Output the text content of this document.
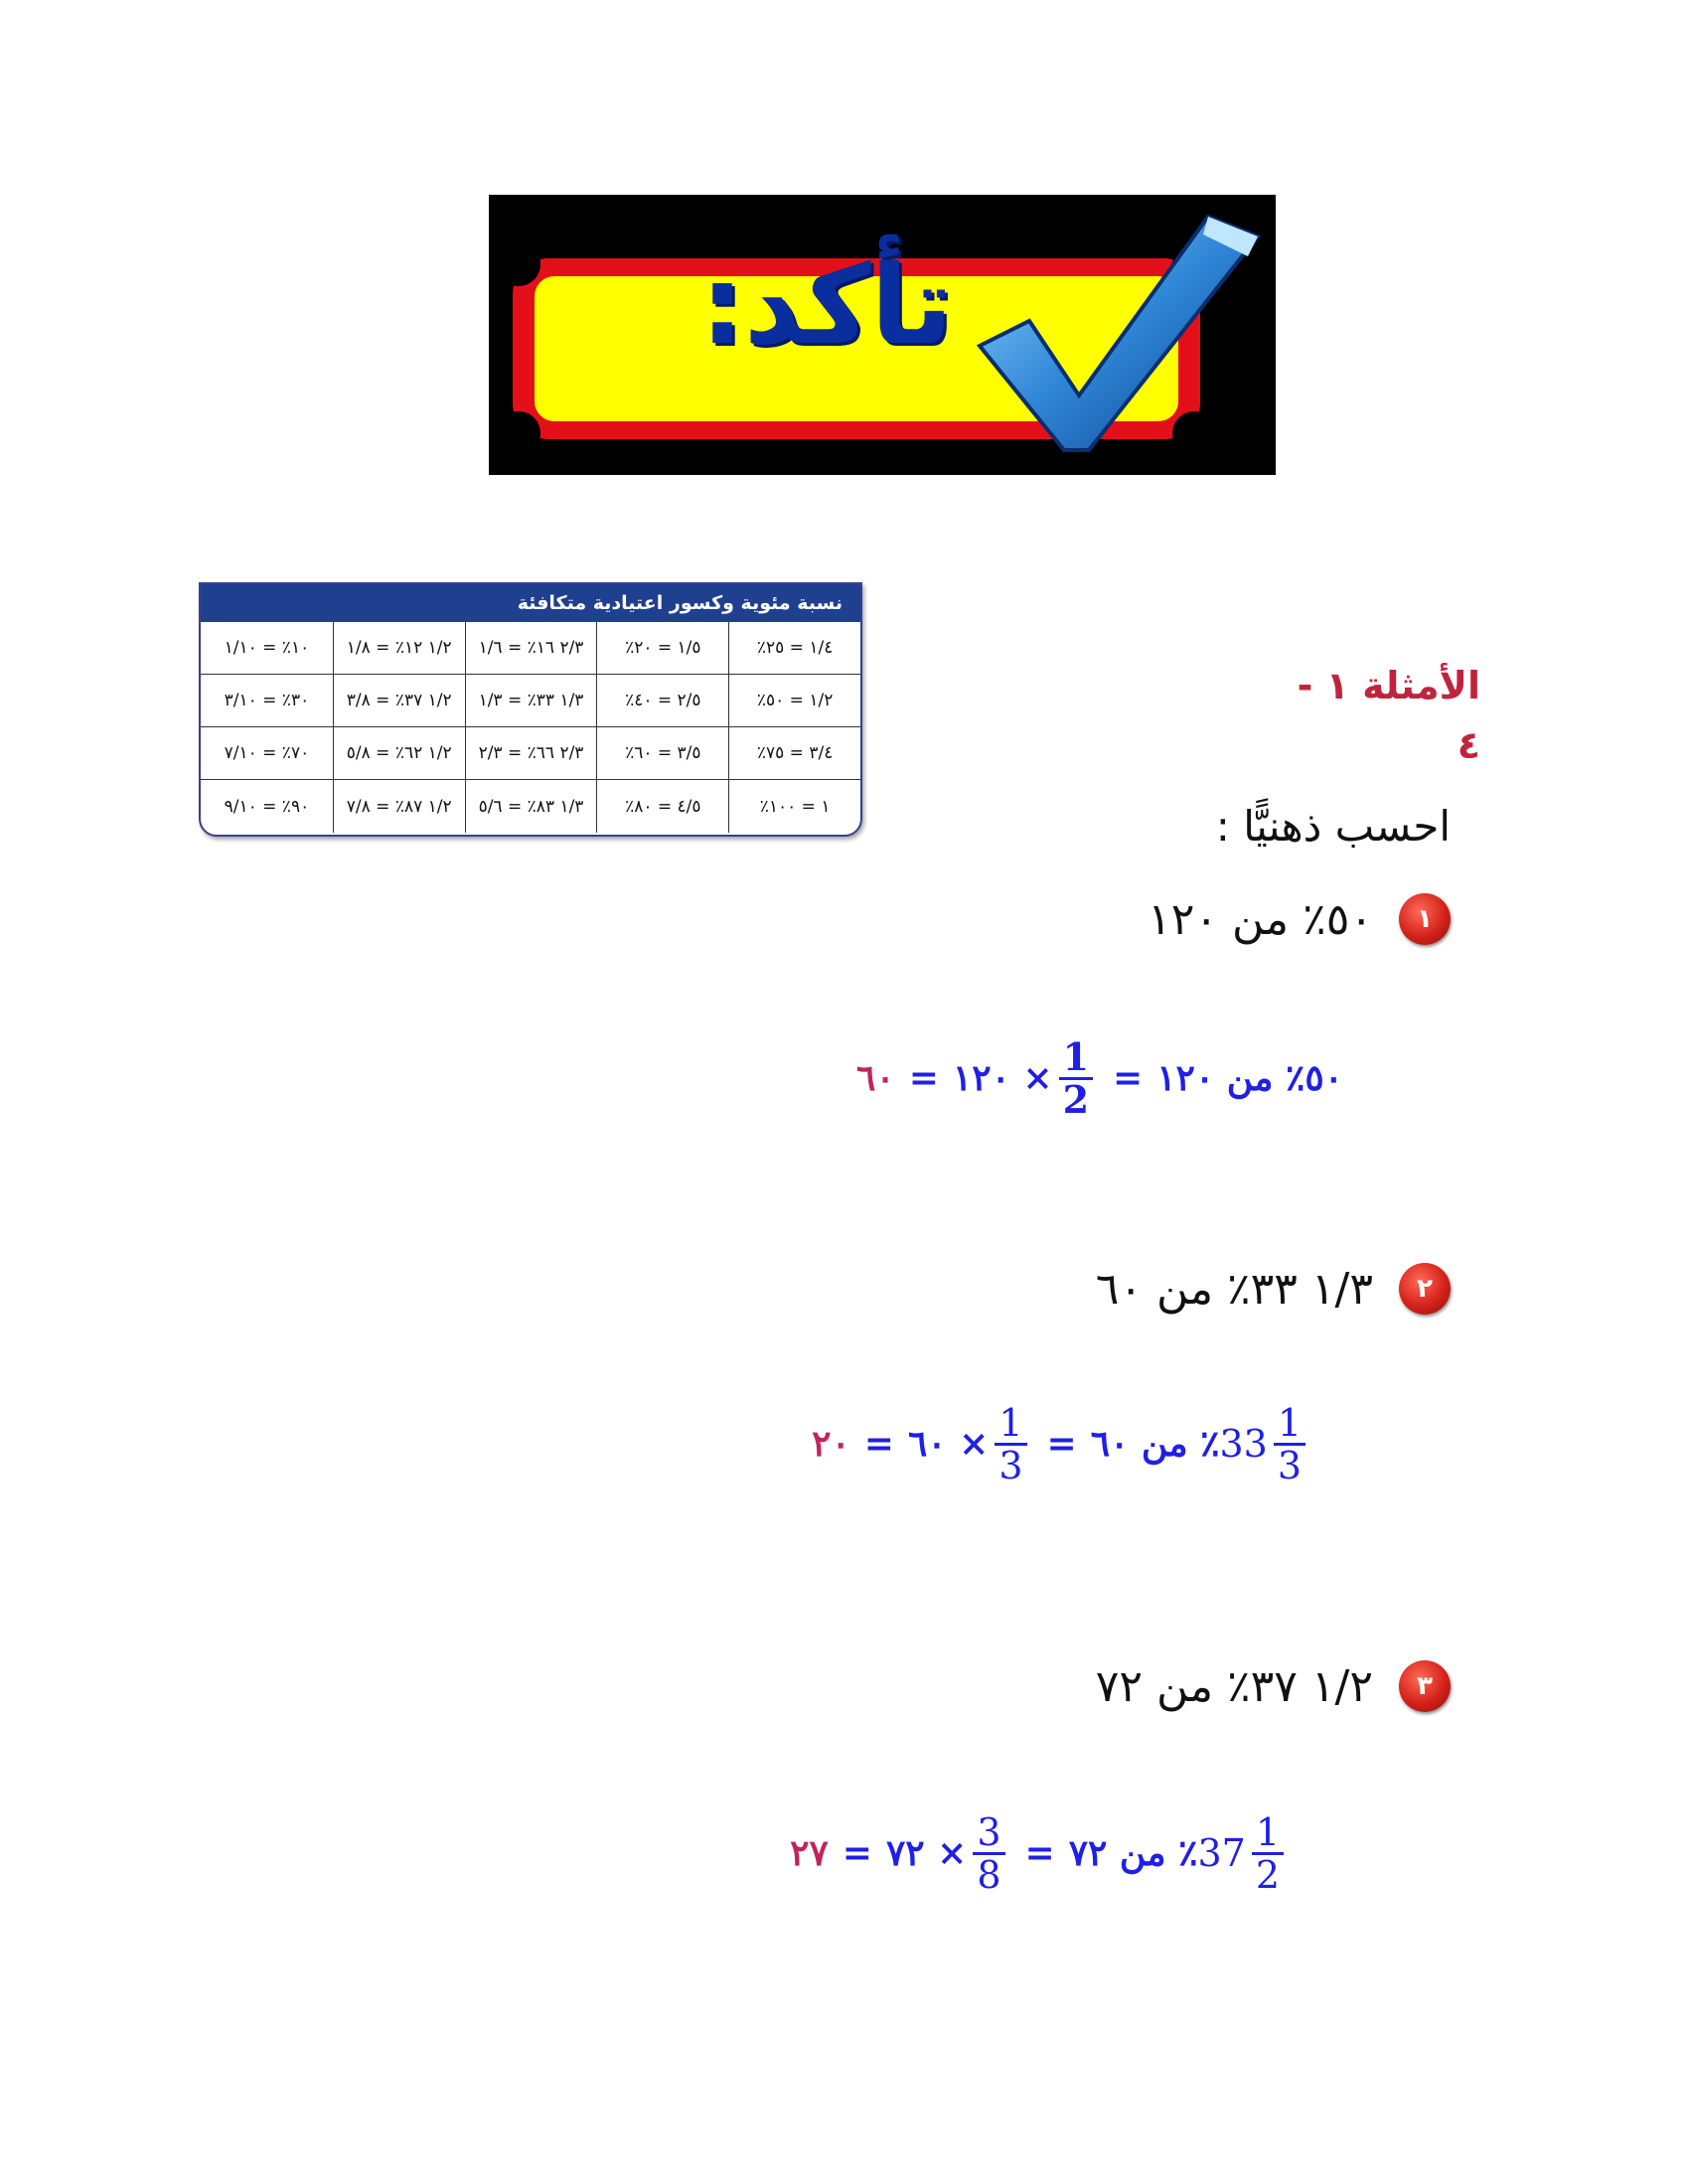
تأكد:
نسبة مئوية وكسور اعتيادية متكافئة
١/٤ = ٢٥٪
١/٥ = ٢٠٪
٢/٣ ١٦٪ = ١/٦
١/٢ ١٢٪ = ١/٨
١٠٪ = ١/١٠
١/٢ = ٥٠٪
٢/٥ = ٤٠٪
١/٣ ٣٣٪ = ١/٣
١/٢ ٣٧٪ = ٣/٨
٣٠٪ = ٣/١٠
٣/٤ = ٧٥٪
٣/٥ = ٦٠٪
٢/٣ ٦٦٪ = ٢/٣
١/٢ ٦٢٪ = ٥/٨
٧٠٪ = ٧/١٠
١ = ١٠٠٪
٤/٥ = ٨٠٪
١/٣ ٨٣٪ = ٥/٦
١/٢ ٨٧٪ = ٧/٨
٩٠٪ = ٩/١٠
الأمثلة ١ - ٤
احسب ذهنيًّا :
١
٥٠٪ من ١٢٠
٢
١/٣ ٣٣٪ من ٦٠
٣
١/٢ ٣٧٪ من ٧٢
٥٠٪ من ١٢٠
=
$\frac{1}{2}$
× ١٢٠
=
٦٠
$33 \frac{1}{3}$
٪ من ٦٠
=
$\frac{1}{3}$
× ٦٠
=
٢٠
$37 \frac{1}{2}$
٪ من ٧٢
=
$\frac{3}{8}$
× ٧٢
=
٢٧
